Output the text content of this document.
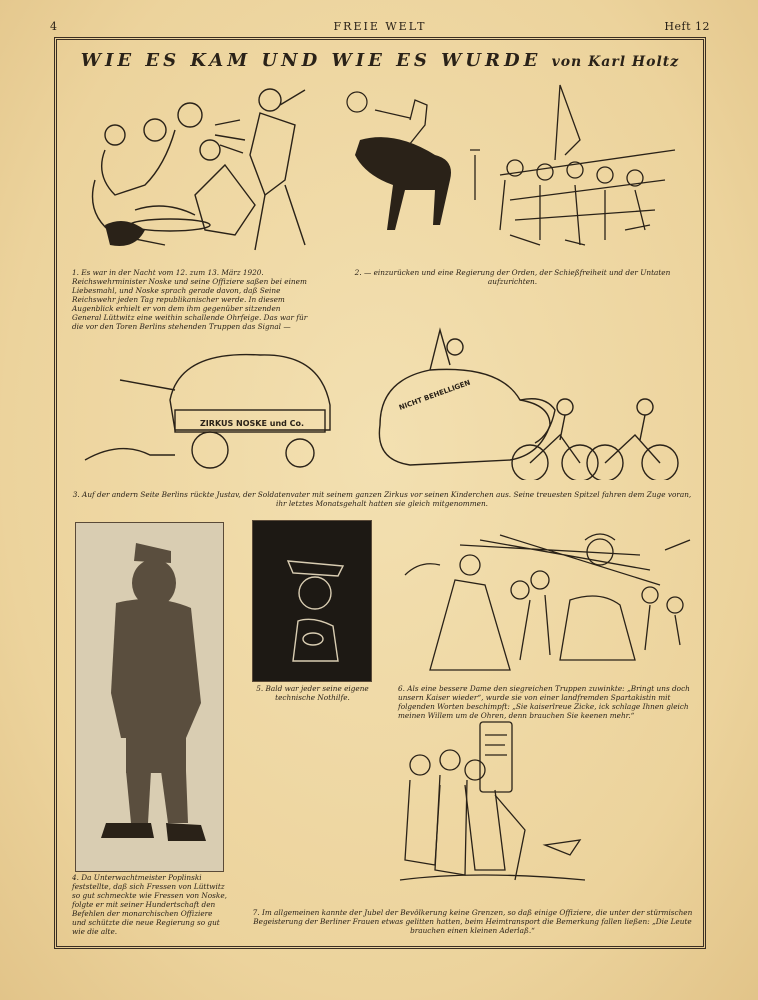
4	FREIE WELT	Heft 12
WIE ES KAM UND WIE ES WURDE von Karl Holtz
1. Es war in der Nacht vom 12. zum 13. März 1920. Reichswehrminister Noske und seine Offiziere saßen bei einem Liebesmahl, und Noske sprach gerade davon, daß Seine Reichswehr jeden Tag republikanischer werde. In diesem Augenblick erhielt er von dem ihm gegenüber sitzenden General Lüttwitz eine weithin schallende Ohrfeige. Das war für die vor den Toren Berlins stehenden Truppen das Signal —
2. — einzurücken und eine Regierung der Orden, der Schießfreiheit und der Untaten aufzurichten.
ZIRKUS NOSKE und Co.
NICHT BEHELLIGEN
3. Auf der andern Seite Berlins rückte Justav, der Soldatenvater mit seinem ganzen Zirkus vor seinen Kinderchen aus. Seine treuesten Spitzel fahren dem Zuge voran, ihr letztes Monatsgehalt hatten sie gleich mitgenommen.
4. Da Unterwachtmeister Poplinski feststellte, daß sich Fressen von Lüttwitz so gut schmeckte wie Fressen von Noske, folgte er mit seiner Hundertschaft den Befehlen der monarchischen Offiziere und schützte die neue Regierung so gut wie die alte.
5. Bald war jeder seine eigene technische Nothilfe.
6. Als eine bessere Dame den siegreichen Truppen zuwinkte: „Bringt uns doch unsern Kaiser wieder“, wurde sie von einer landfremden Spartakistin mit folgenden Worten beschimpft: „Sie kaiserlreue Zicke, ick schlage Ihnen gleich meinen Willem um de Ohren, denn brauchen Sie keenen mehr.“
7. Im allgemeinen kannte der Jubel der Bevölkerung keine Grenzen, so daß einige Offiziere, die unter der stürmischen Begeisterung der Berliner Frauen etwas gelitten hatten, beim Heimtransport die Bemerkung fallen ließen: „Die Leute brauchen einen kleinen Aderlaß.“
